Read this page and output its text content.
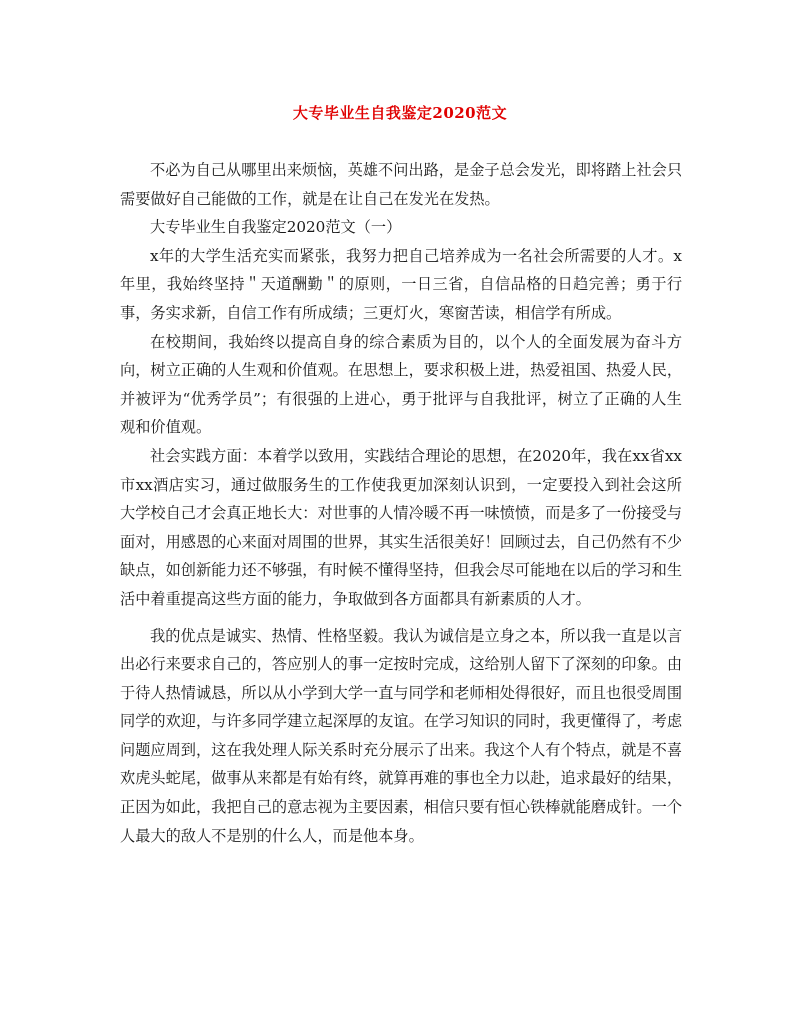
大专毕业生自我鉴定2020范文

不必为自己从哪里出来烦恼，英雄不问出路，是金子总会发光，即将踏上社会只需要做好自己能做的工作，就是在让自己在发光在发热。

大专毕业生自我鉴定2020范文（一）

x年的大学生活充实而紧张，我努力把自己培养成为一名社会所需要的人才。x年里，我始终坚持＂天道酬勤＂的原则，一日三省，自信品格的日趋完善；勇于行事，务实求新，自信工作有所成绩；三更灯火，寒窗苦读，相信学有所成。

在校期间，我始终以提高自身的综合素质为目的，以个人的全面发展为奋斗方向，树立正确的人生观和价值观。在思想上，要求积极上进，热爱祖国、热爱人民，并被评为“优秀学员”；有很强的上进心，勇于批评与自我批评，树立了正确的人生观和价值观。

社会实践方面：本着学以致用，实践结合理论的思想，在2020年，我在xx省xx市xx酒店实习，通过做服务生的工作使我更加深刻认识到，一定要投入到社会这所大学校自己才会真正地长大：对世事的人情冷暖不再一味愤愤，而是多了一份接受与面对，用感恩的心来面对周围的世界，其实生活很美好！回顾过去，自己仍然有不少缺点，如创新能力还不够强，有时候不懂得坚持，但我会尽可能地在以后的学习和生活中着重提高这些方面的能力，争取做到各方面都具有新素质的人才。

我的优点是诚实、热情、性格坚毅。我认为诚信是立身之本，所以我一直是以言出必行来要求自己的，答应别人的事一定按时完成，这给别人留下了深刻的印象。由于待人热情诚恳，所以从小学到大学一直与同学和老师相处得很好，而且也很受周围同学的欢迎，与许多同学建立起深厚的友谊。在学习知识的同时，我更懂得了，考虑问题应周到，这在我处理人际关系时充分展示了出来。我这个人有个特点，就是不喜欢虎头蛇尾，做事从来都是有始有终，就算再难的事也全力以赴，追求最好的结果，正因为如此，我把自己的意志视为主要因素，相信只要有恒心铁棒就能磨成针。一个人最大的敌人不是别的什么人，而是他本身。
